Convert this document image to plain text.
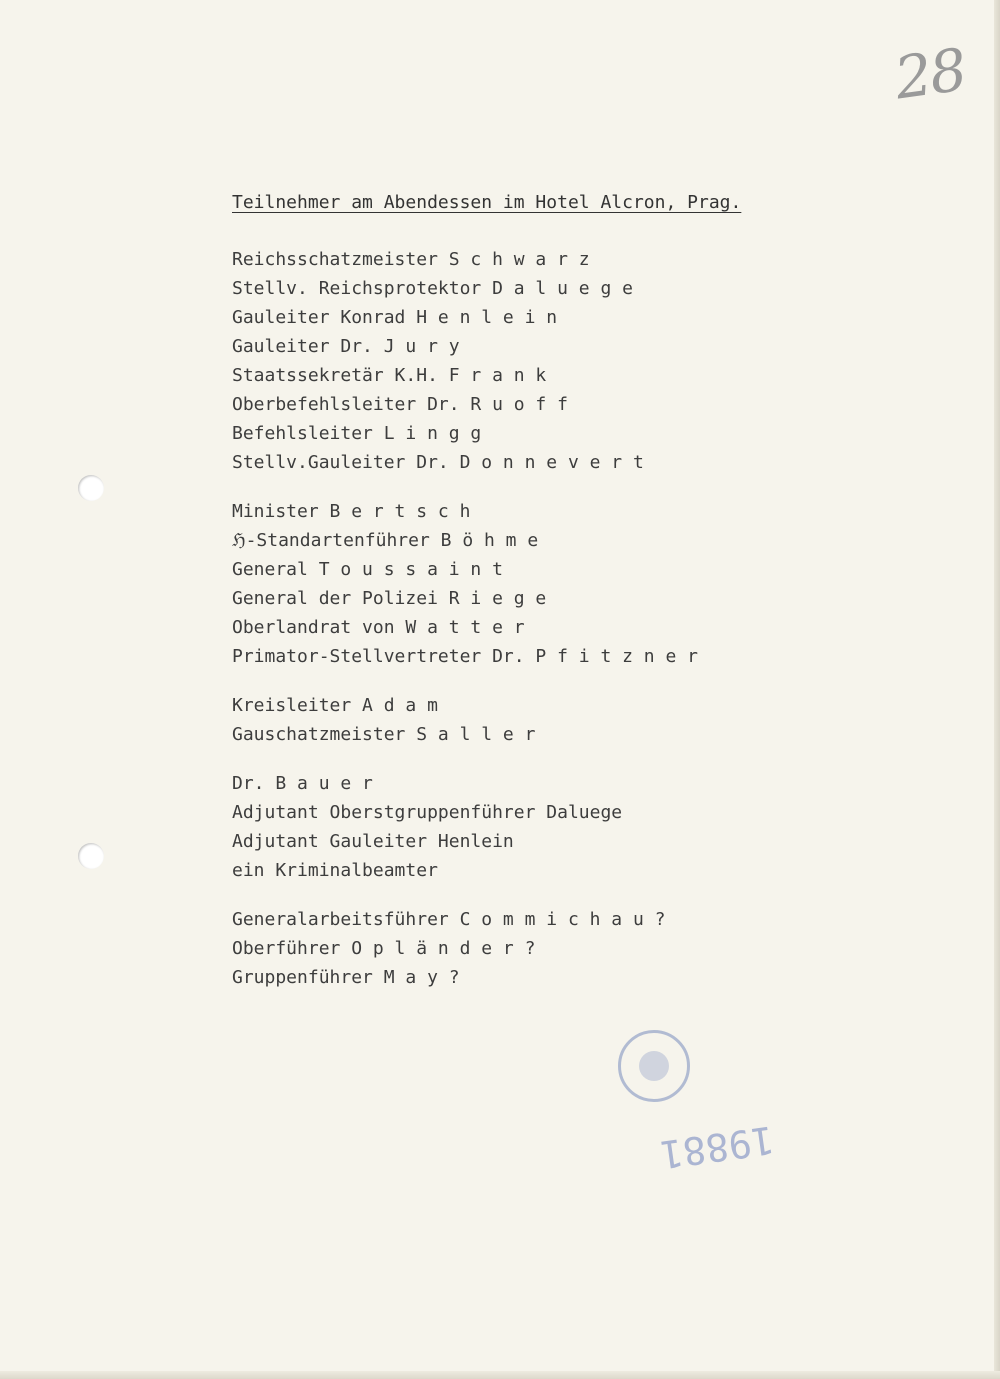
28
Teilnehmer am Abendessen im Hotel Alcron, Prag.
Reichsschatzmeister S c h w a r z
Stellv. Reichsprotektor D a l u e g e
Gauleiter Konrad H e n l e i n
Gauleiter Dr. J u r y
Staatssekretär K.H. F r a n k
Oberbefehlsleiter Dr. R u o f f
Befehlsleiter L i n g g
Stellv.Gauleiter Dr. D o n n e v e r t
Minister B e r t s c h
ℌ-Standartenführer B ö h m e
General T o u s s a i n t
General der Polizei R i e g e
Oberlandrat von W a t t e r
Primator-Stellvertreter Dr. P f i t z n e r
Kreisleiter A d a m
Gauschatzmeister S a l l e r
Dr. B a u e r
Adjutant Oberstgruppenführer Daluege
Adjutant Gauleiter Henlein
ein Kriminalbeamter
Generalarbeitsführer C o m m i c h a u ?
Oberführer O p l ä n d e r ?
Gruppenführer M a y ?
19881
